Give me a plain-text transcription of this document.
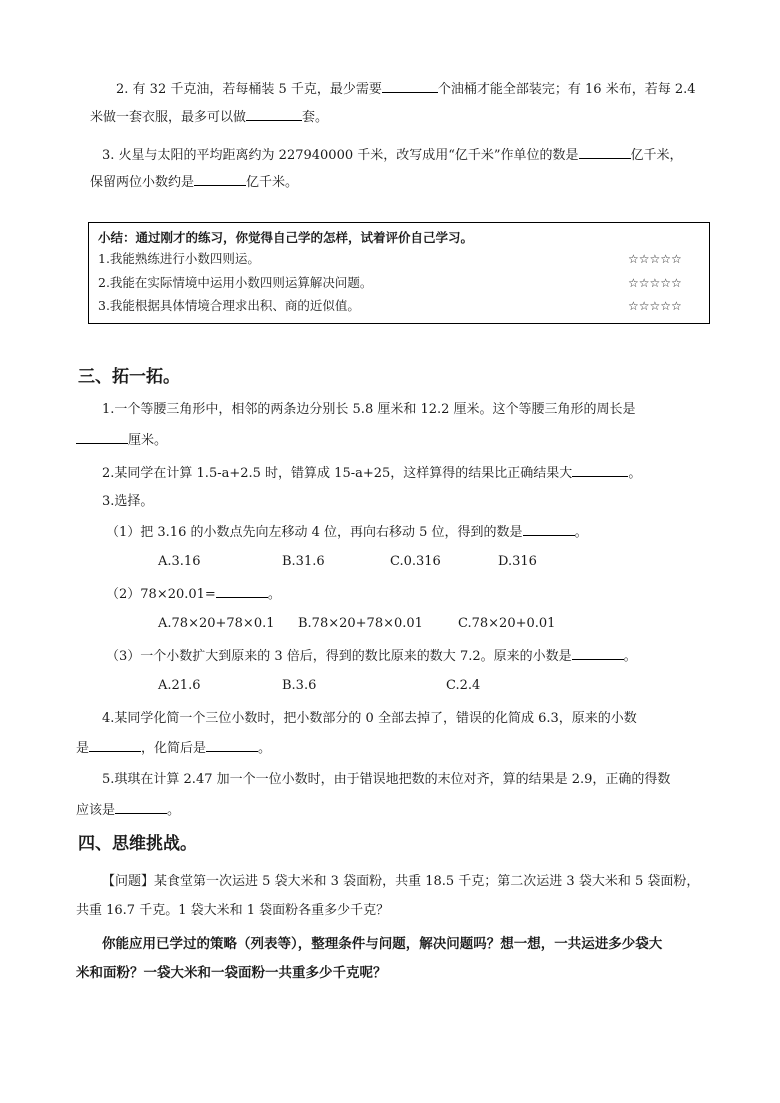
2. 有 32 千克油，若每桶装 5 千克，最少需要	个油桶才能全部装完；有 16 米布，若每 2.4
米做一套衣服，最多可以做	套。
3. 火星与太阳的平均距离约为 227940000 千米，改写成用“亿千米”作单位的数是	亿千米，
保留两位小数约是	亿千米。
小结：通过刚才的练习，你觉得自己学的怎样，试着评价自己学习。
1.我能熟练进行小数四则运。	☆☆☆☆☆
2.我能在实际情境中运用小数四则运算解决问题。	☆☆☆☆☆
3.我能根据具体情境合理求出积、商的近似值。	☆☆☆☆☆
三、拓一拓。
1.一个等腰三角形中，相邻的两条边分别长 5.8 厘米和 12.2 厘米。这个等腰三角形的周长是
厘米。
2.某同学在计算 1.5-a+2.5 时，错算成 15-a+25，这样算得的结果比正确结果大	。
3.选择。
（1）把 3.16 的小数点先向左移动 4 位，再向右移动 5 位，得到的数是	。
A.3.16	B.31.6	C.0.316	D.316
（2）78×20.01=	。
A.78×20+78×0.1 B.78×20+78×0.01	C.78×20+0.01
（3）一个小数扩大到原来的 3 倍后，得到的数比原来的数大 7.2。原来的小数是	。
A.21.6	B.3.6	C.2.4
4.某同学化简一个三位小数时，把小数部分的 0 全部去掉了，错误的化简成 6.3，原来的小数
是	，化简后是	。
5.琪琪在计算 2.47 加一个一位小数时，由于错误地把数的末位对齐，算的结果是 2.9，正确的得数
应该是	。
四、思维挑战。
【问题】某食堂第一次运进 5 袋大米和 3 袋面粉，共重 18.5 千克；第二次运进 3 袋大米和 5 袋面粉，
共重 16.7 千克。1 袋大米和 1 袋面粉各重多少千克？
你能应用已学过的策略（列表等），整理条件与问题，解决问题吗？想一想，一共运进多少袋大
米和面粉？一袋大米和一袋面粉一共重多少千克呢？
